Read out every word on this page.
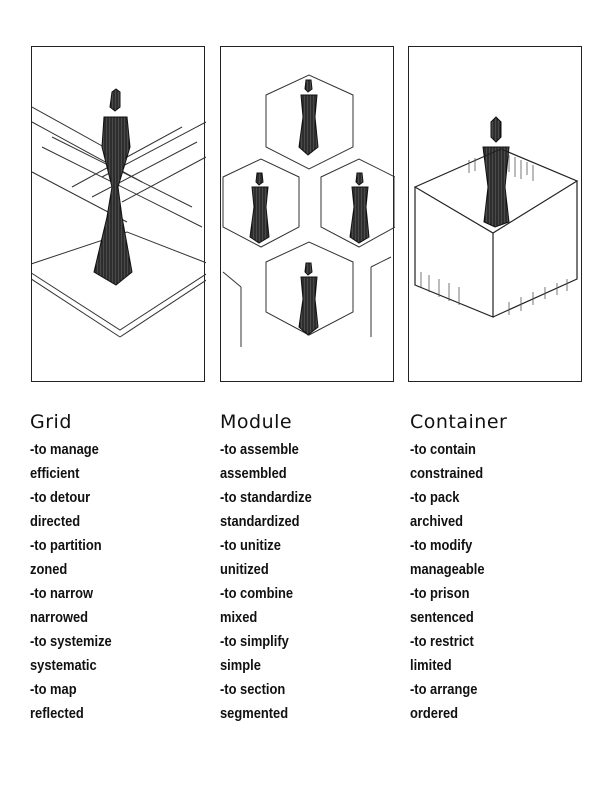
Grid
-to manage
efficient
-to detour
directed
-to partition
zoned
-to narrow
narrowed
-to systemize
systematic
-to map
reflected
Module
-to assemble
assembled
-to standardize
standardized
-to unitize
unitized
-to combine
mixed
-to simplify
simple
-to section
segmented
Container
-to contain
constrained
-to pack
archived
-to modify
manageable
-to prison
sentenced
-to restrict
limited
-to arrange
ordered
